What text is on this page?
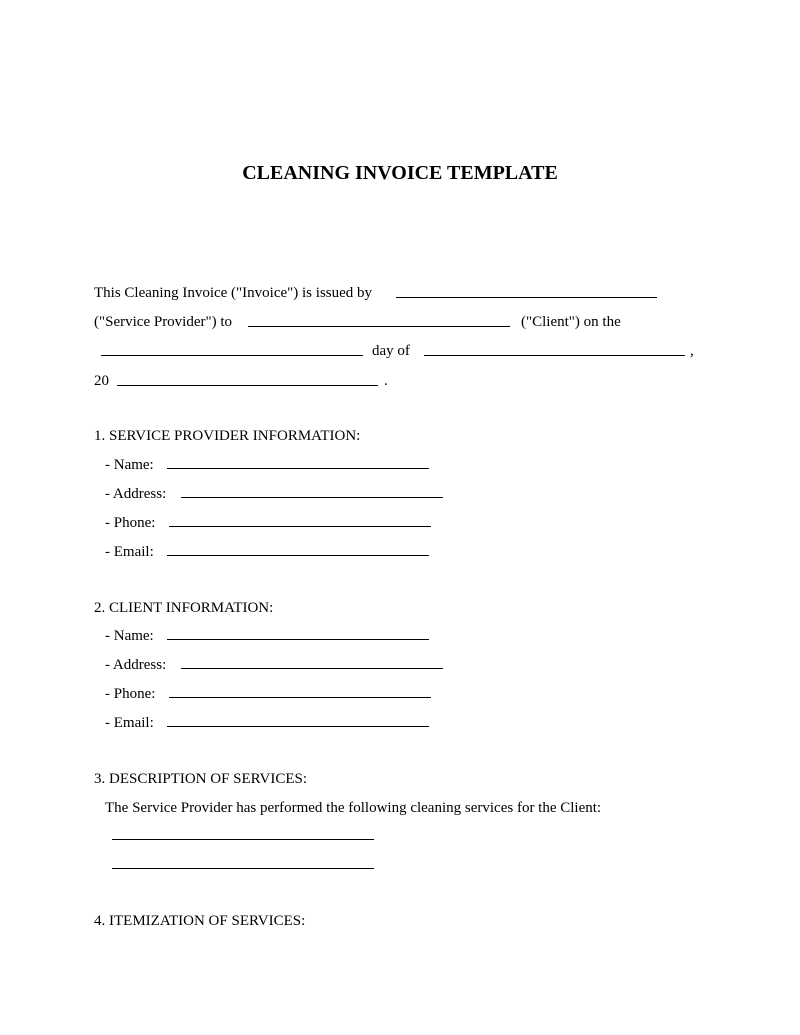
CLEANING INVOICE TEMPLATE
This Cleaning Invoice ("Invoice") is issued by
("Service Provider") to	("Client") on the
day of	,
20	.
1. SERVICE PROVIDER INFORMATION:
- Name:
- Address:
- Phone:
- Email:
2. CLIENT INFORMATION:
- Name:
- Address:
- Phone:
- Email:
3. DESCRIPTION OF SERVICES:
The Service Provider has performed the following cleaning services for the Client:
4. ITEMIZATION OF SERVICES:
